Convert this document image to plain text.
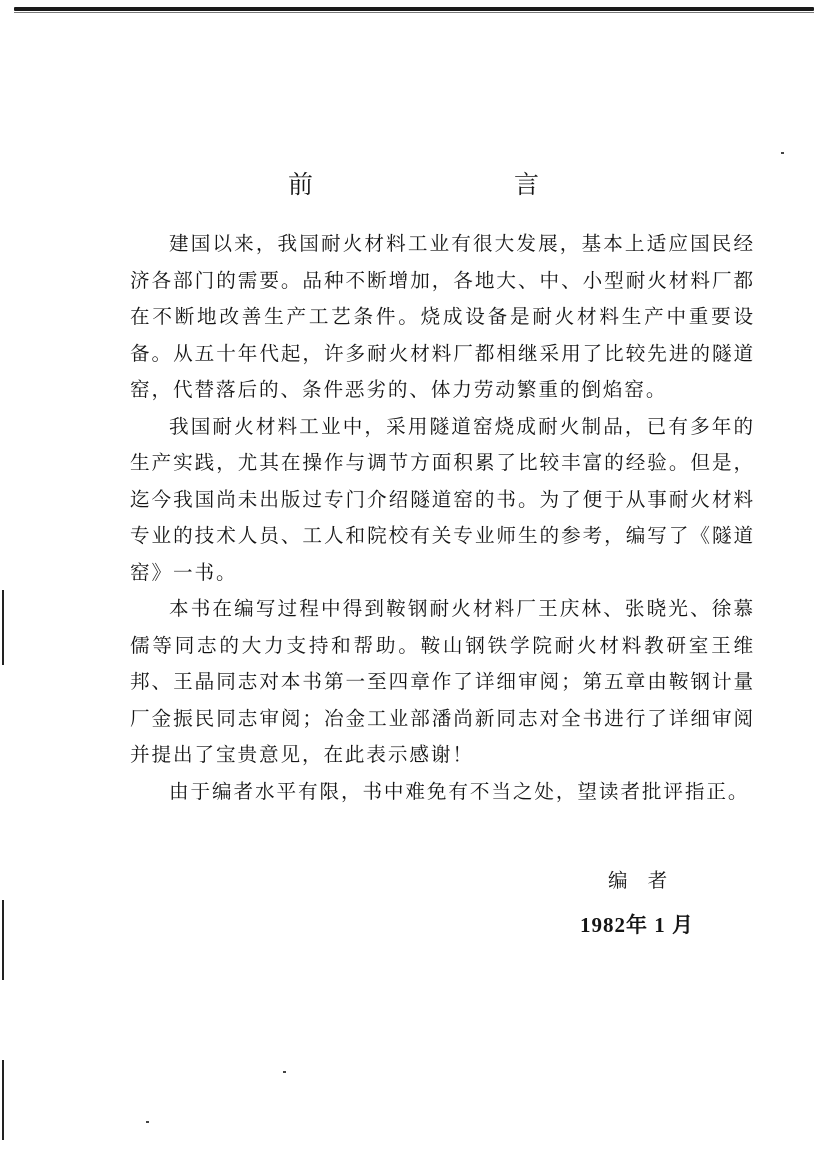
前　言

建国以来，我国耐火材料工业有很大发展，基本上适应国民经济各部门的需要。品种不断增加，各地大、中、小型耐火材料厂都在不断地改善生产工艺条件。烧成设备是耐火材料生产中重要设备。从五十年代起，许多耐火材料厂都相继采用了比较先进的隧道窑，代替落后的、条件恶劣的、体力劳动繁重的倒焰窑。

我国耐火材料工业中，采用隧道窑烧成耐火制品，已有多年的生产实践，尤其在操作与调节方面积累了比较丰富的经验。但是，迄今我国尚未出版过专门介绍隧道窑的书。为了便于从事耐火材料专业的技术人员、工人和院校有关专业师生的参考，编写了《隧道窑》一书。

本书在编写过程中得到鞍钢耐火材料厂王庆林、张晓光、徐慕儒等同志的大力支持和帮助。鞍山钢铁学院耐火材料教研室王维邦、王晶同志对本书第一至四章作了详细审阅；第五章由鞍钢计量厂金振民同志审阅；冶金工业部潘尚新同志对全书进行了详细审阅并提出了宝贵意见，在此表示感谢！

由于编者水平有限，书中难免有不当之处，望读者批评指正。

编者
1982年 1 月
